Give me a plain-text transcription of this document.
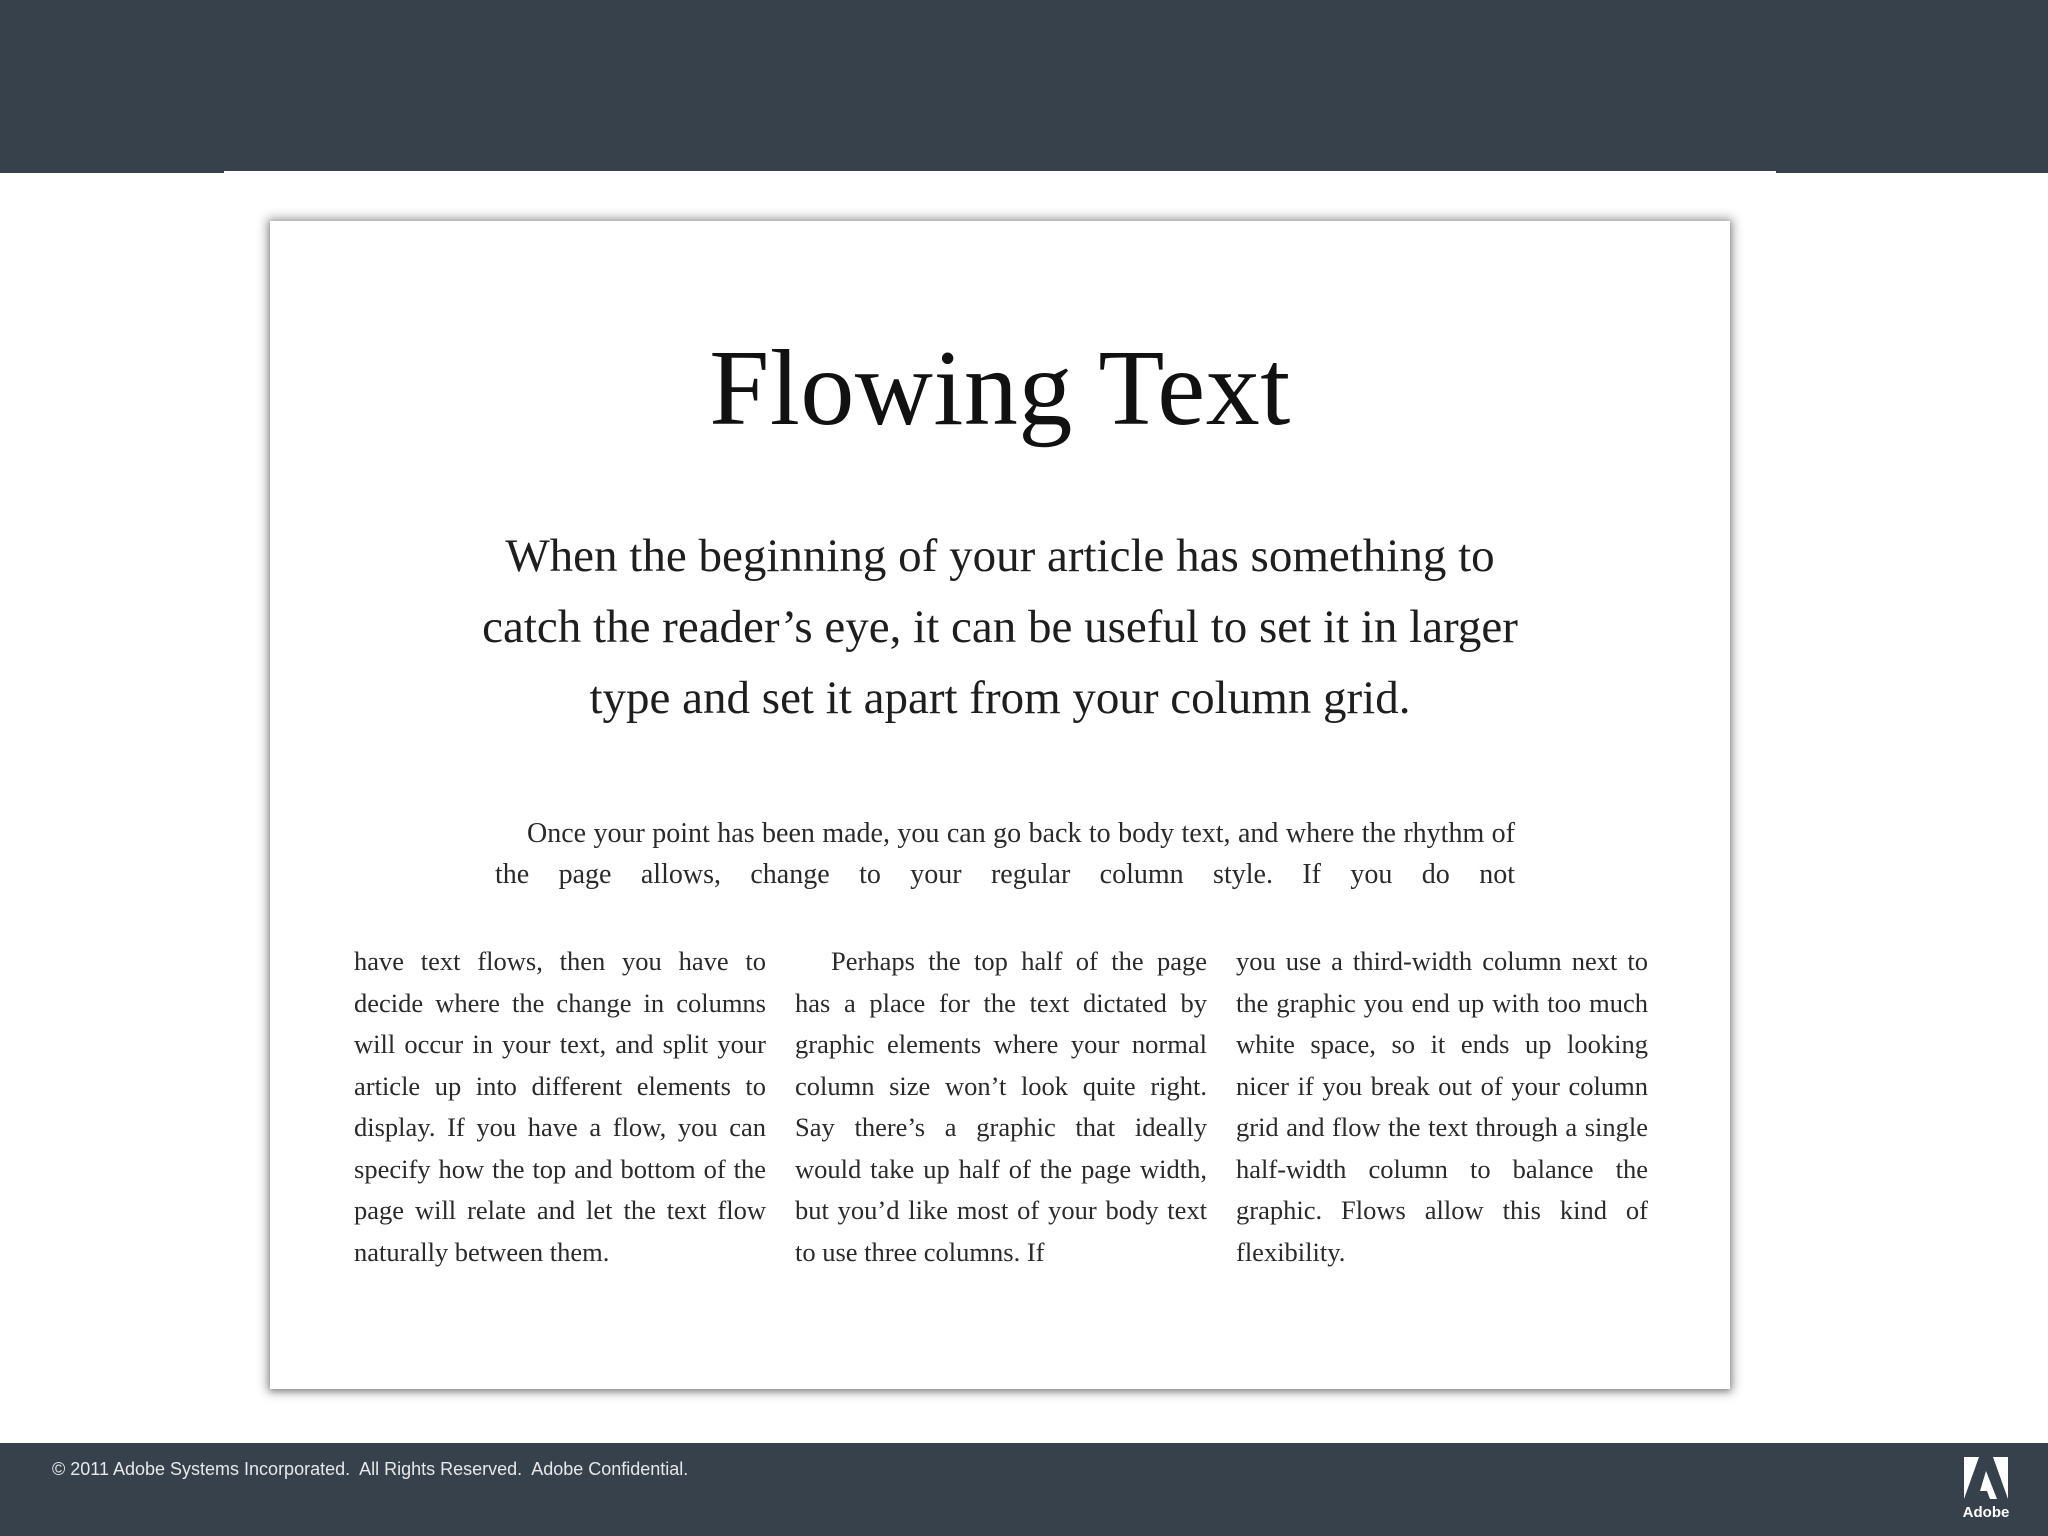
Flowing Text
When the beginning of your article has something to catch the reader’s eye, it can be useful to set it in larger type and set it apart from your column grid.
Once your point has been made, you can go back to body text, and where the rhythm of the page allows, change to your regular column style. If you do not
have text flows, then you have to decide where the change in columns will occur in your text, and split your article up into different elements to display. If you have a flow, you can specify how the top and bottom of the page will relate and let the text flow naturally between them.
Perhaps the top half of the page has a place for the text dictated by graphic elements where your normal column size won’t look quite right. Say there’s a graphic that ideally would take up half of the page width, but you’d like most of your body text to use three columns. If
you use a third-width column next to the graphic you end up with too much white space, so it ends up looking nicer if you break out of your column grid and flow the text through a single half-width column to balance the graphic. Flows allow this kind of flexibility.
© 2011 Adobe Systems Incorporated.  All Rights Reserved.  Adobe Confidential.
Adobe
